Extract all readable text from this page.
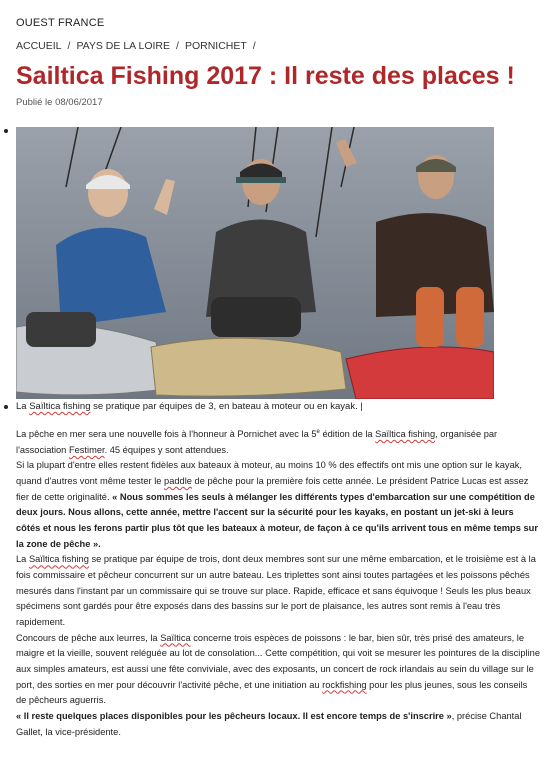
OUEST FRANCE
ACCUEIL / PAYS DE LA LOIRE / PORNICHET /
Sailtica Fishing 2017 : Il reste des places !
Publié le 08/06/2017
La Saïltica fishing se pratique par équipes de 3, en bateau à moteur ou en kayak. |

La pêche en mer sera une nouvelle fois à l'honneur à Pornichet avec la 5e édition de la Saïltica fishing, organisée par l'association Festimer. 45 équipes y sont attendues.

Si la plupart d'entre elles restent fidèles aux bateaux à moteur, au moins 10 % des effectifs ont mis une option sur le kayak, quand d'autres vont même tester le paddle de pêche pour la première fois cette année. Le président Patrice Lucas est assez fier de cette originalité. « Nous sommes les seuls à mélanger les différents types d'embarcation sur une compétition de deux jours. Nous allons, cette année, mettre l'accent sur la sécurité pour les kayaks, en postant un jet-ski à leurs côtés et nous les ferons partir plus tôt que les bateaux à moteur, de façon à ce qu'ils arrivent tous en même temps sur la zone de pêche ».

La Saïltica fishing se pratique par équipe de trois, dont deux membres sont sur une même embarcation, et le troisième est à la fois commissaire et pêcheur concurrent sur un autre bateau. Les triplettes sont ainsi toutes partagées et les poissons pêchés mesurés dans l'instant par un commissaire qui se trouve sur place. Rapide, efficace et sans équivoque ! Seuls les plus beaux spécimens sont gardés pour être exposés dans des bassins sur le port de plaisance, les autres sont remis à l'eau très rapidement.

Concours de pêche aux leurres, la Saïltica concerne trois espèces de poissons : le bar, bien sûr, très prisé des amateurs, le maigre et la vieille, souvent reléguée au lot de consolation... Cette compétition, qui voit se mesurer les pointures de la discipline aux simples amateurs, est aussi une fête conviviale, avec des exposants, un concert de rock irlandais au sein du village sur le port, des sorties en mer pour découvrir l'activité pêche, et une initiation au rockfishing pour les plus jeunes, sous les conseils de pêcheurs aguerris.

« Il reste quelques places disponibles pour les pêcheurs locaux. Il est encore temps de s'inscrire », précise Chantal Gallet, la vice-présidente.
